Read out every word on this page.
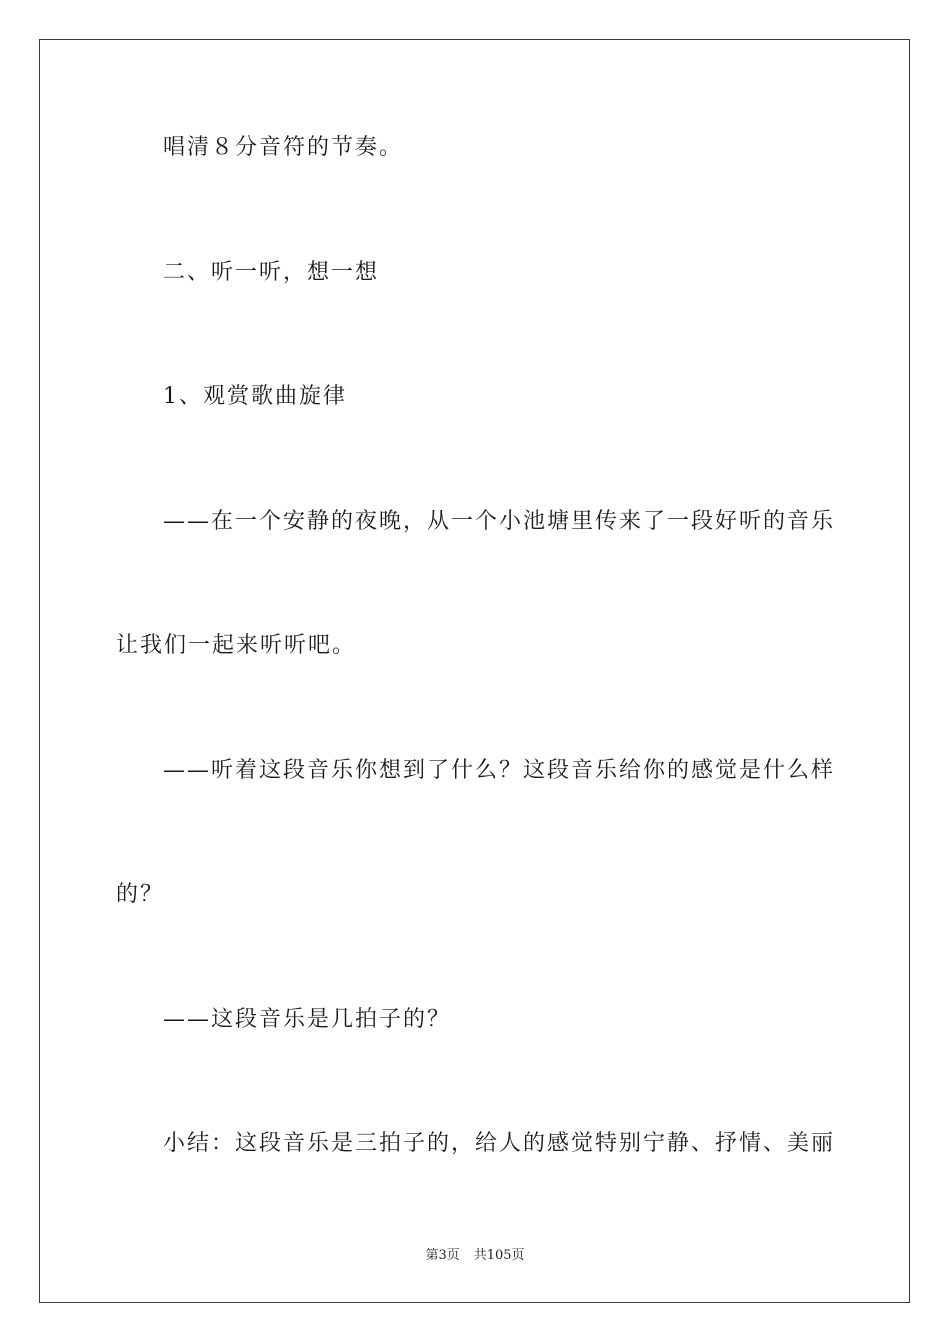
唱清８分音符的节奏。
二、听一听，想一想
1、观赏歌曲旋律
——在一个安静的夜晚，从一个小池塘里传来了一段好听的音乐
让我们一起来听听吧。
——听着这段音乐你想到了什么？这段音乐给你的感觉是什么样
的？
——这段音乐是几拍子的？
小结：这段音乐是三拍子的，给人的感觉特别宁静、抒情、美丽
第3页 共105页
